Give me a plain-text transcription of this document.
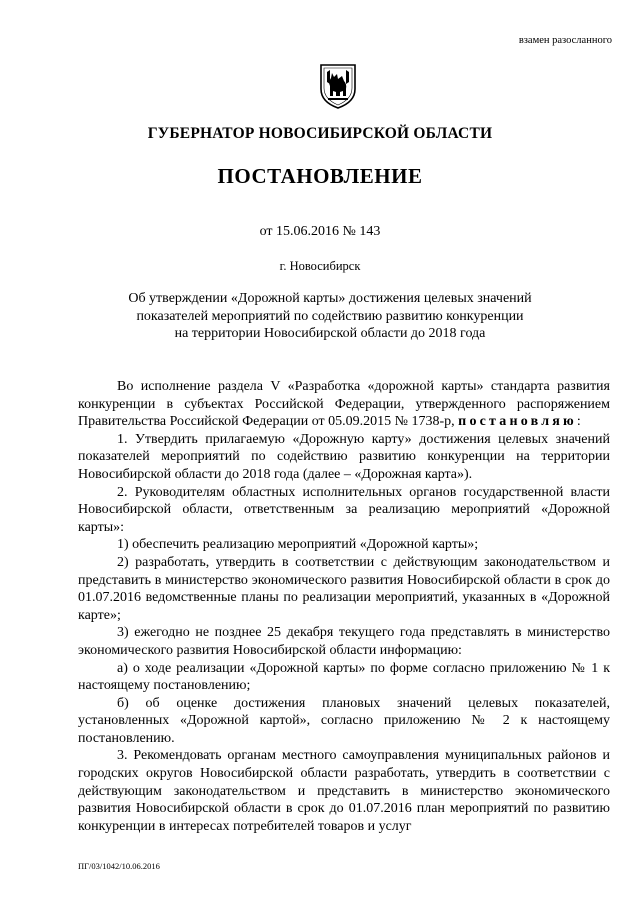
взамен разосланного
ГУБЕРНАТОР НОВОСИБИРСКОЙ ОБЛАСТИ
ПОСТАНОВЛЕНИЕ
от 15.06.2016 № 143
г. Новосибирск
Об утверждении «Дорожной карты» достижения целевых значений
показателей мероприятий по содействию развитию конкуренции
на территории Новосибирской области до 2018 года

Во исполнение раздела V «Разработка «дорожной карты» стандарта развития конкуренции в субъектах Российской Федерации, утвержденного распоряжением Правительства Российской Федерации от 05.09.2015 № 1738-р, постановляю:

1. Утвердить прилагаемую «Дорожную карту» достижения целевых значений показателей мероприятий по содействию развитию конкуренции на территории Новосибирской области до 2018 года (далее – «Дорожная карта»).

2. Руководителям областных исполнительных органов государственной власти Новосибирской области, ответственным за реализацию мероприятий «Дорожной карты»:

1) обеспечить реализацию мероприятий «Дорожной карты»;

2) разработать, утвердить в соответствии с действующим законодательством и представить в министерство экономического развития Новосибирской области в срок до 01.07.2016 ведомственные планы по реализации мероприятий, указанных в «Дорожной карте»;

3) ежегодно не позднее 25 декабря текущего года представлять в министерство экономического развития Новосибирской области информацию:

а) о ходе реализации «Дорожной карты» по форме согласно приложению № 1 к настоящему постановлению;

б) об оценке достижения плановых значений целевых показателей, установленных «Дорожной картой», согласно приложению № 2 к настоящему постановлению.

3. Рекомендовать органам местного самоуправления муниципальных районов и городских округов Новосибирской области разработать, утвердить в соответствии с действующим законодательством и представить в министерство экономического развития Новосибирской области в срок до 01.07.2016 план мероприятий по развитию конкуренции в интересах потребителей товаров и услуг

ПГ/03/1042/10.06.2016
